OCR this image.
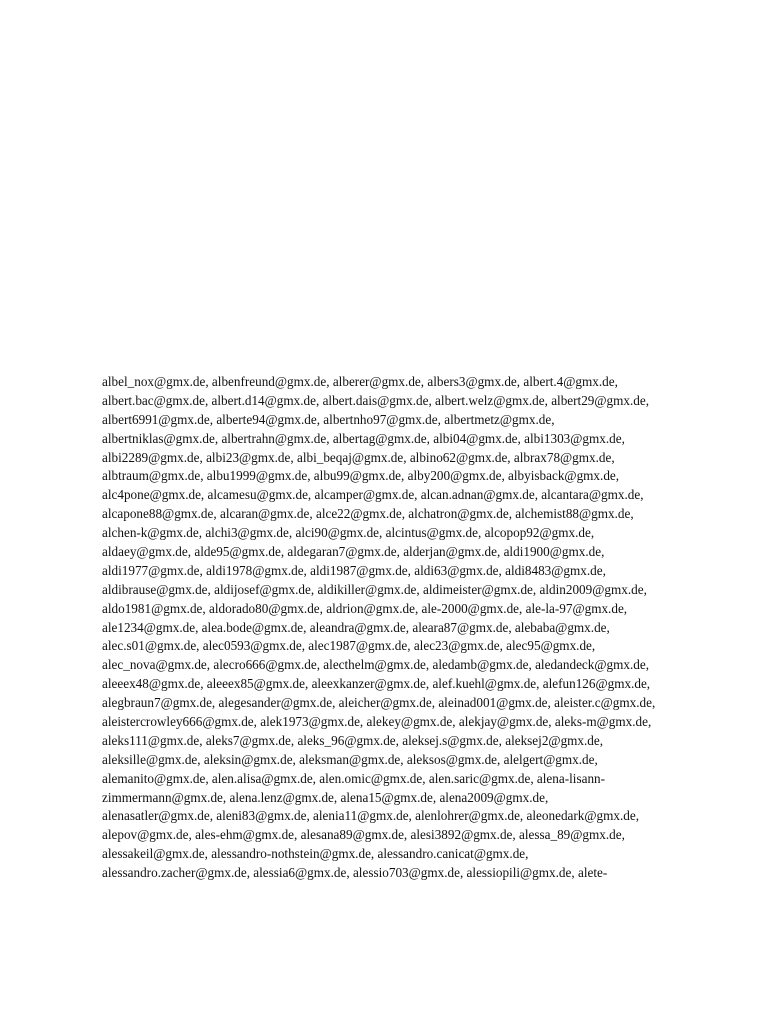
albel_nox@gmx.de, albenfreund@gmx.de, alberer@gmx.de, albers3@gmx.de, albert.4@gmx.de,
albert.bac@gmx.de, albert.d14@gmx.de, albert.dais@gmx.de, albert.welz@gmx.de, albert29@gmx.de,
albert6991@gmx.de, alberte94@gmx.de, albertnho97@gmx.de, albertmetz@gmx.de,
albertniklas@gmx.de, albertrahn@gmx.de, albertag@gmx.de, albi04@gmx.de, albi1303@gmx.de,
albi2289@gmx.de, albi23@gmx.de, albi_beqaj@gmx.de, albino62@gmx.de, albrax78@gmx.de,
albtraum@gmx.de, albu1999@gmx.de, albu99@gmx.de, alby200@gmx.de, albyisback@gmx.de,
alc4pone@gmx.de, alcamesu@gmx.de, alcamper@gmx.de, alcan.adnan@gmx.de, alcantara@gmx.de,
alcapone88@gmx.de, alcaran@gmx.de, alce22@gmx.de, alchatron@gmx.de, alchemist88@gmx.de,
alchen-k@gmx.de, alchi3@gmx.de, alci90@gmx.de, alcintus@gmx.de, alcopop92@gmx.de,
aldaey@gmx.de, alde95@gmx.de, aldegaran7@gmx.de, alderjan@gmx.de, aldi1900@gmx.de,
aldi1977@gmx.de, aldi1978@gmx.de, aldi1987@gmx.de, aldi63@gmx.de, aldi8483@gmx.de,
aldibrause@gmx.de, aldijosef@gmx.de, aldikiller@gmx.de, aldimeister@gmx.de, aldin2009@gmx.de,
aldo1981@gmx.de, aldorado80@gmx.de, aldrion@gmx.de, ale-2000@gmx.de, ale-la-97@gmx.de,
ale1234@gmx.de, alea.bode@gmx.de, aleandra@gmx.de, aleara87@gmx.de, alebaba@gmx.de,
alec.s01@gmx.de, alec0593@gmx.de, alec1987@gmx.de, alec23@gmx.de, alec95@gmx.de,
alec_nova@gmx.de, alecro666@gmx.de, alecthelm@gmx.de, aledamb@gmx.de, aledandeck@gmx.de,
aleeex48@gmx.de, aleeex85@gmx.de, aleexkanzer@gmx.de, alef.kuehl@gmx.de, alefun126@gmx.de,
alegbraun7@gmx.de, alegesander@gmx.de, aleicher@gmx.de, aleinad001@gmx.de, aleister.c@gmx.de,
aleistercrowley666@gmx.de, alek1973@gmx.de, alekey@gmx.de, alekjay@gmx.de, aleks-m@gmx.de,
aleks111@gmx.de, aleks7@gmx.de, aleks_96@gmx.de, aleksej.s@gmx.de, aleksej2@gmx.de,
aleksille@gmx.de, aleksin@gmx.de, aleksman@gmx.de, aleksos@gmx.de, alelgert@gmx.de,
alemanito@gmx.de, alen.alisa@gmx.de, alen.omic@gmx.de, alen.saric@gmx.de, alena-lisann-
zimmermann@gmx.de, alena.lenz@gmx.de, alena15@gmx.de, alena2009@gmx.de,
alenasatler@gmx.de, aleni83@gmx.de, alenia11@gmx.de, alenlohrer@gmx.de, aleonedark@gmx.de,
alepov@gmx.de, ales-ehm@gmx.de, alesana89@gmx.de, alesi3892@gmx.de, alessa_89@gmx.de,
alessakeil@gmx.de, alessandro-nothstein@gmx.de, alessandro.canicat@gmx.de,
alessandro.zacher@gmx.de, alessia6@gmx.de, alessio703@gmx.de, alessiopili@gmx.de, alete-
